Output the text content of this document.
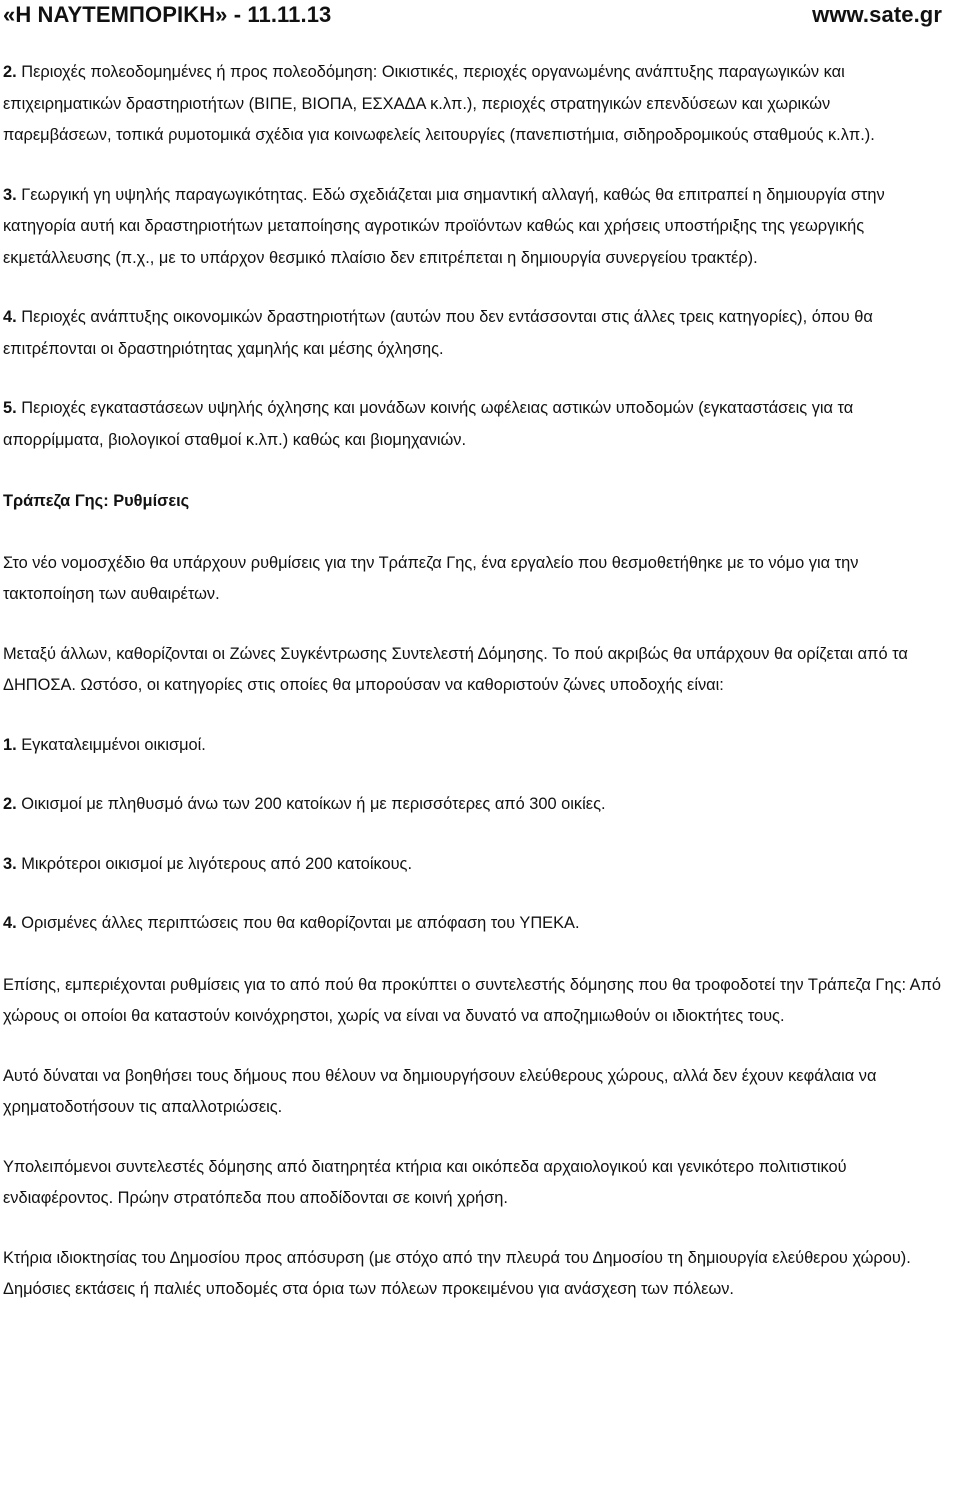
«Η ΝΑΥΤΕΜΠΟΡΙΚΗ» - 11.11.13	www.sate.gr

2. Περιοχές πολεοδομημένες ή προς πολεοδόμηση: Οικιστικές, περιοχές οργανωμένης ανάπτυξης παραγωγικών και επιχειρηματικών δραστηριοτήτων (ΒΙΠΕ, ΒΙΟΠΑ, ΕΣΧΑΔΑ κ.λπ.), περιοχές στρατηγικών επενδύσεων και χωρικών παρεμβάσεων, τοπικά ρυμοτομικά σχέδια για κοινωφελείς λειτουργίες (πανεπιστήμια, σιδηροδρομικούς σταθμούς κ.λπ.).

3. Γεωργική γη υψηλής παραγωγικότητας. Εδώ σχεδιάζεται μια σημαντική αλλαγή, καθώς θα επιτραπεί η δημιουργία στην κατηγορία αυτή και δραστηριοτήτων μεταποίησης αγροτικών προϊόντων καθώς και χρήσεις υποστήριξης της γεωργικής εκμετάλλευσης (π.χ., με το υπάρχον θεσμικό πλαίσιο δεν επιτρέπεται η δημιουργία συνεργείου τρακτέρ).

4. Περιοχές ανάπτυξης οικονομικών δραστηριοτήτων (αυτών που δεν εντάσσονται στις άλλες τρεις κατηγορίες), όπου θα επιτρέπονται οι δραστηριότητας χαμηλής και μέσης όχλησης.

5. Περιοχές εγκαταστάσεων υψηλής όχλησης και μονάδων κοινής ωφέλειας αστικών υποδομών (εγκαταστάσεις για τα απορρίμματα, βιολογικοί σταθμοί κ.λπ.) καθώς και βιομηχανιών.

Τράπεζα Γης: Ρυθμίσεις

Στο νέο νομοσχέδιο θα υπάρχουν ρυθμίσεις για την Τράπεζα Γης, ένα εργαλείο που θεσμοθετήθηκε με το νόμο για την τακτοποίηση των αυθαιρέτων.

Μεταξύ άλλων, καθορίζονται οι Ζώνες Συγκέντρωσης Συντελεστή Δόμησης. Το πού ακριβώς θα υπάρχουν θα ορίζεται από τα ΔΗΠΟΣΑ. Ωστόσο, οι κατηγορίες στις οποίες θα μπορούσαν να καθοριστούν ζώνες υποδοχής είναι:

1. Εγκαταλειμμένοι οικισμοί.

2. Οικισμοί με πληθυσμό άνω των 200 κατοίκων ή με περισσότερες από 300 οικίες.

3. Μικρότεροι οικισμοί με λιγότερους από 200 κατοίκους.

4. Ορισμένες άλλες περιπτώσεις που θα καθορίζονται με απόφαση του ΥΠΕΚΑ.

Επίσης, εμπεριέχονται ρυθμίσεις για το από πού θα προκύπτει ο συντελεστής δόμησης που θα τροφοδοτεί την Τράπεζα Γης: Από χώρους οι οποίοι θα καταστούν κοινόχρηστοι, χωρίς να είναι να δυνατό να αποζημιωθούν οι ιδιοκτήτες τους.

Αυτό δύναται να βοηθήσει τους δήμους που θέλουν να δημιουργήσουν ελεύθερους χώρους, αλλά δεν έχουν κεφάλαια να χρηματοδοτήσουν τις απαλλοτριώσεις.

Υπολειπόμενοι συντελεστές δόμησης από διατηρητέα κτήρια και οικόπεδα αρχαιολογικού και γενικότερο πολιτιστικού ενδιαφέροντος. Πρώην στρατόπεδα που αποδίδονται σε κοινή χρήση.

Κτήρια ιδιοκτησίας του Δημοσίου προς απόσυρση (με στόχο από την πλευρά του Δημοσίου τη δημιουργία ελεύθερου χώρου). Δημόσιες εκτάσεις ή παλιές υποδομές στα όρια των πόλεων προκειμένου για ανάσχεση των πόλεων.
